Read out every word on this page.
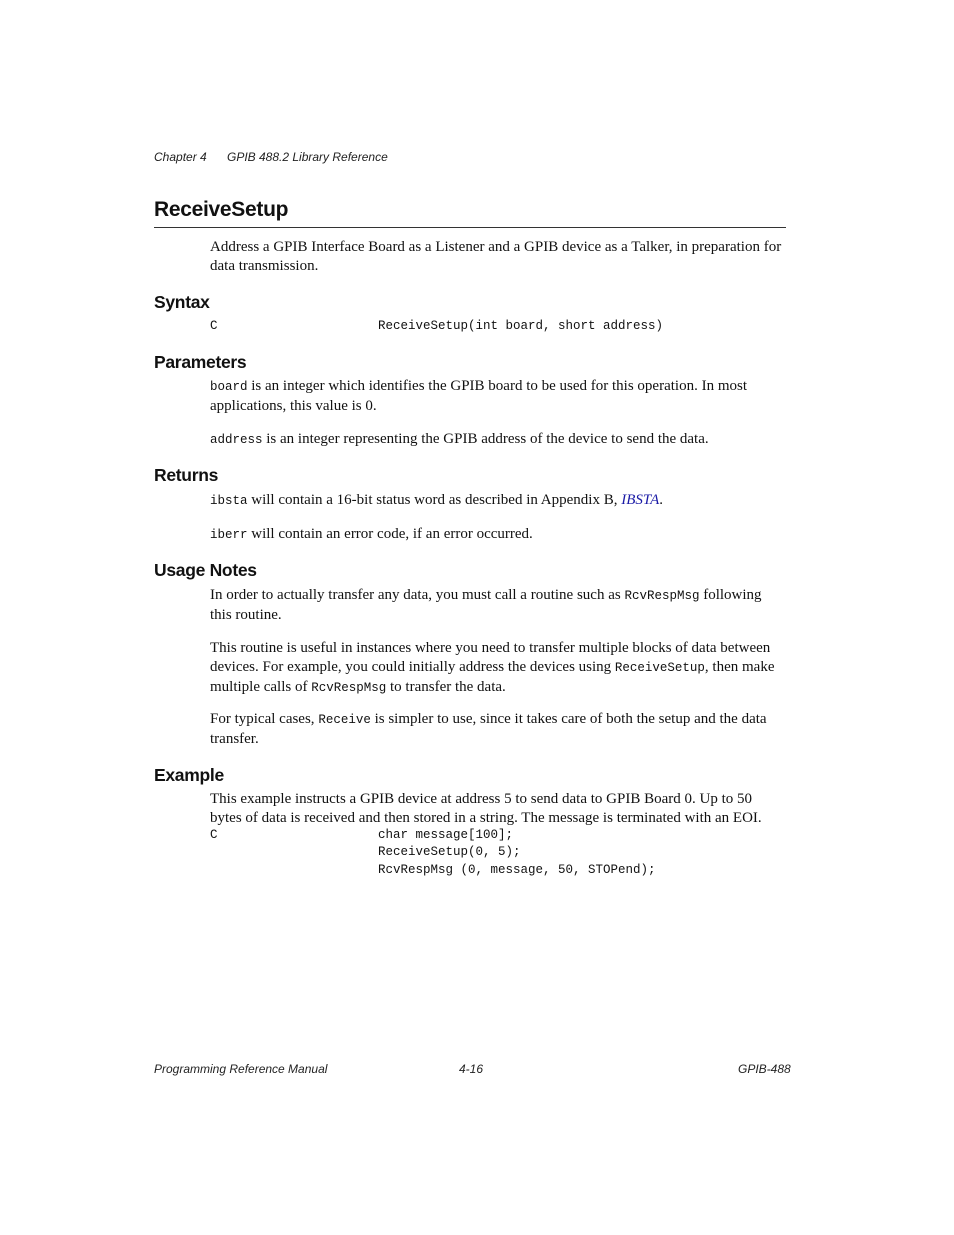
Chapter 4 GPIB 488.2 Library Reference
ReceiveSetup
Address a GPIB Interface Board as a Listener and a GPIB device as a Talker, in preparation for data transmission.
Syntax
C	ReceiveSetup(int board, short address)
Parameters
board is an integer which identifies the GPIB board to be used for this operation. In most applications, this value is 0.
address is an integer representing the GPIB address of the device to send the data.
Returns
ibsta will contain a 16-bit status word as described in Appendix B, IBSTA.
iberr will contain an error code, if an error occurred.
Usage Notes
In order to actually transfer any data, you must call a routine such as RcvRespMsg following this routine.
This routine is useful in instances where you need to transfer multiple blocks of data between devices. For example, you could initially address the devices using ReceiveSetup, then make multiple calls of RcvRespMsg to transfer the data.
For typical cases, Receive is simpler to use, since it takes care of both the setup and the data transfer.
Example
This example instructs a GPIB device at address 5 to send data to GPIB Board 0. Up to 50 bytes of data is received and then stored in a string. The message is terminated with an EOI.
C	char message[100];
ReceiveSetup(0, 5);
RcvRespMsg (0, message, 50, STOPend);
Programming Reference Manual	4-16	GPIB-488
